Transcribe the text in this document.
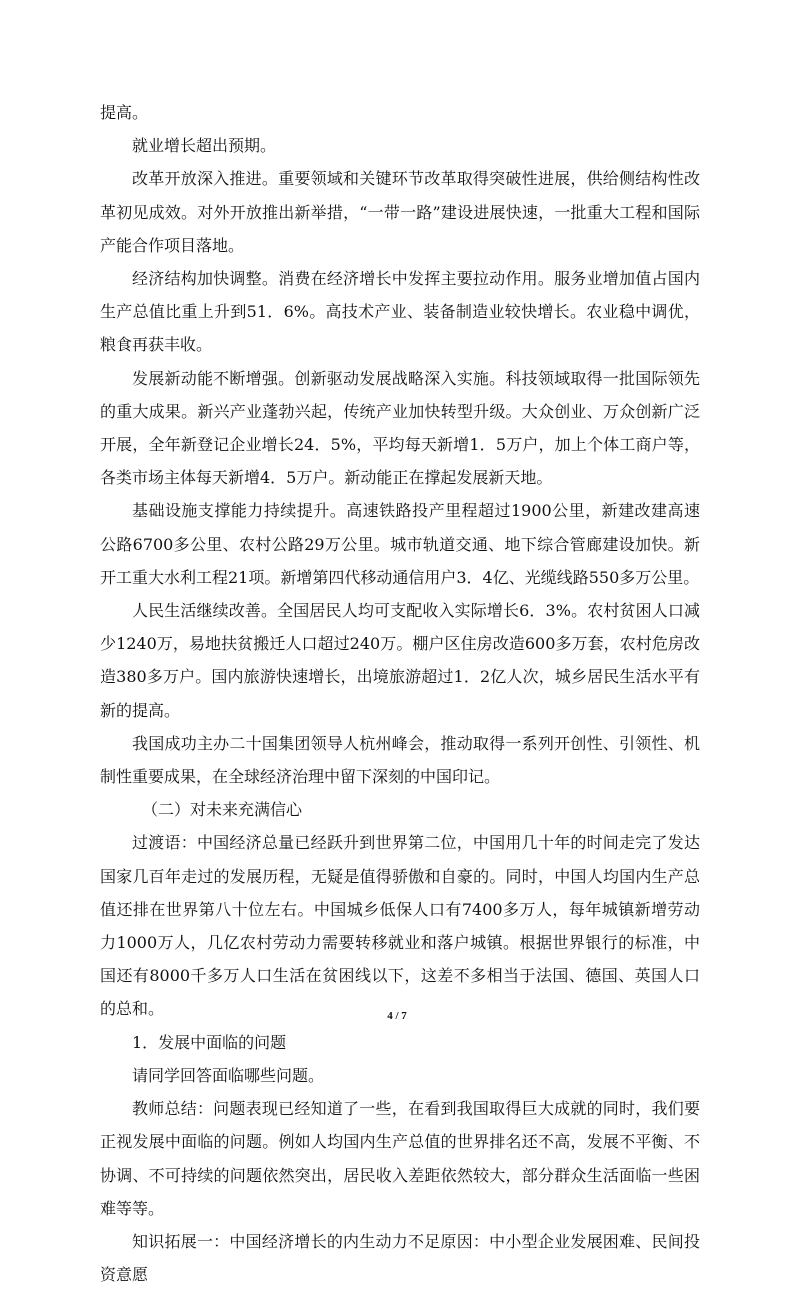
提高。

就业增长超出预期。

改革开放深入推进。重要领域和关键环节改革取得突破性进展，供给侧结构性改革初见成效。对外开放推出新举措，“一带一路”建设进展快速，一批重大工程和国际产能合作项目落地。

经济结构加快调整。消费在经济增长中发挥主要拉动作用。服务业增加值占国内生产总值比重上升到51．6%。高技术产业、装备制造业较快增长。农业稳中调优，粮食再获丰收。

发展新动能不断增强。创新驱动发展战略深入实施。科技领域取得一批国际领先的重大成果。新兴产业蓬勃兴起，传统产业加快转型升级。大众创业、万众创新广泛开展，全年新登记企业增长24．5%，平均每天新增1．5万户，加上个体工商户等，各类市场主体每天新增4．5万户。新动能正在撑起发展新天地。

基础设施支撑能力持续提升。高速铁路投产里程超过1900公里，新建改建高速公路6700多公里、农村公路29万公里。城市轨道交通、地下综合管廊建设加快。新开工重大水利工程21项。新增第四代移动通信用户3．4亿、光缆线路550多万公里。

人民生活继续改善。全国居民人均可支配收入实际增长6．3%。农村贫困人口减少1240万，易地扶贫搬迁人口超过240万。棚户区住房改造600多万套，农村危房改造380多万户。国内旅游快速增长，出境旅游超过1．2亿人次，城乡居民生活水平有新的提高。

我国成功主办二十国集团领导人杭州峰会，推动取得一系列开创性、引领性、机制性重要成果，在全球经济治理中留下深刻的中国印记。

（二）对未来充满信心

过渡语：中国经济总量已经跃升到世界第二位，中国用几十年的时间走完了发达国家几百年走过的发展历程，无疑是值得骄傲和自豪的。同时，中国人均国内生产总值还排在世界第八十位左右。中国城乡低保人口有7400多万人，每年城镇新增劳动力1000万人，几亿农村劳动力需要转移就业和落户城镇。根据世界银行的标准，中国还有8000千多万人口生活在贫困线以下，这差不多相当于法国、德国、英国人口的总和。

1．发展中面临的问题

请同学回答面临哪些问题。

教师总结：问题表现已经知道了一些，在看到我国取得巨大成就的同时，我们要正视发展中面临的问题。例如人均国内生产总值的世界排名还不高，发展不平衡、不协调、不可持续的问题依然突出，居民收入差距依然较大，部分群众生活面临一些困难等等。

知识拓展一：中国经济增长的内生动力不足原因：中小型企业发展困难、民间投资意愿

4 / 7
